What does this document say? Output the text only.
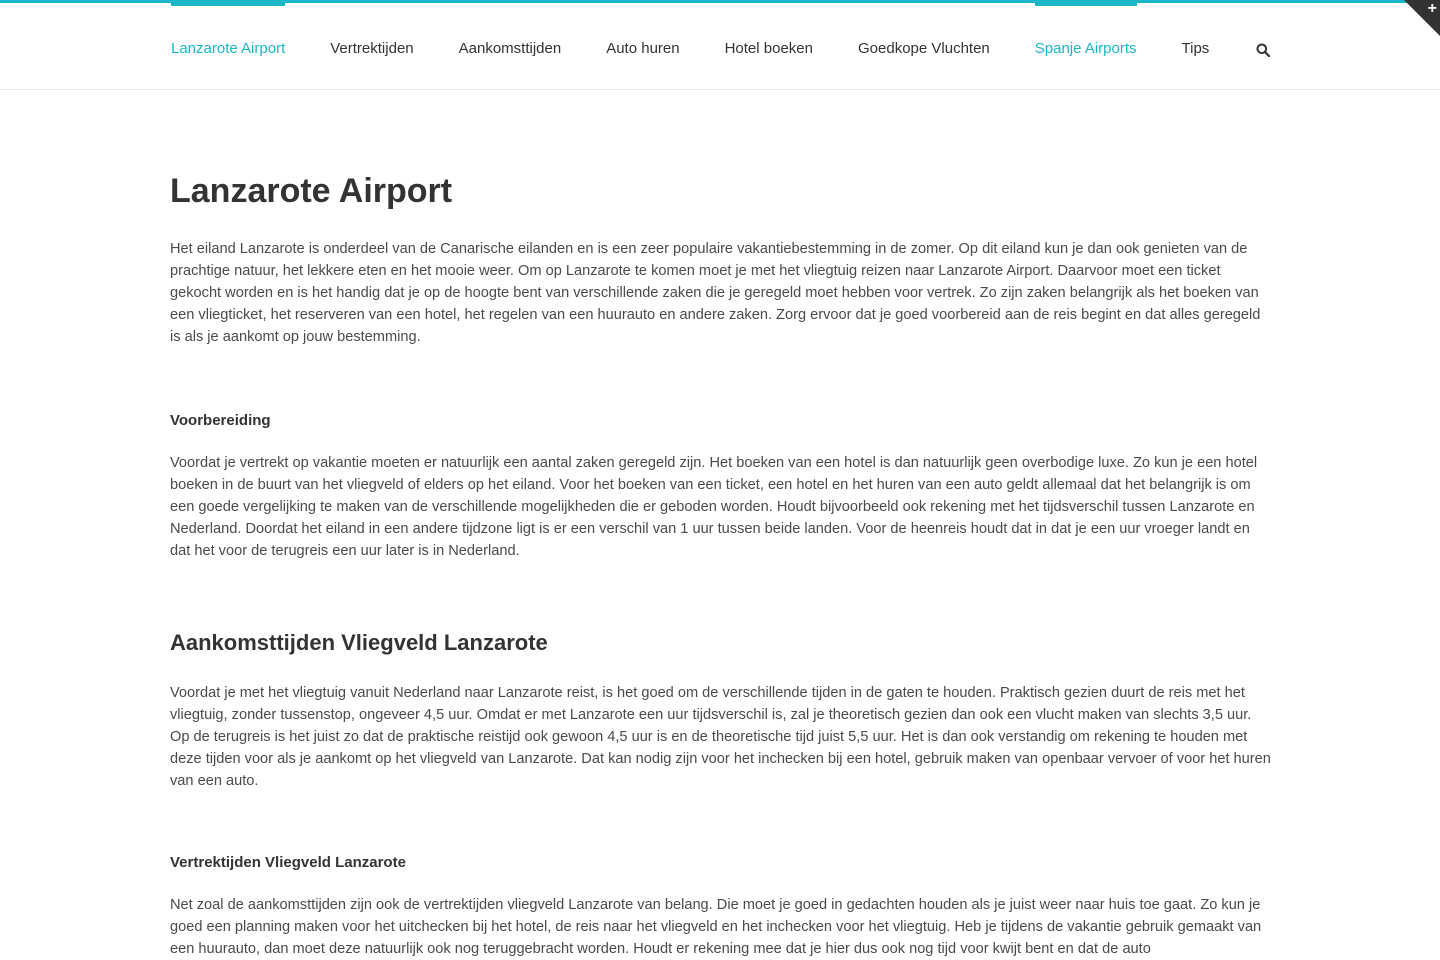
Lanzarote Airport	Vertrektijden	Aankomsttijden	Auto huren	Hotel boeken	Goedkope Vluchten	Spanje Airports	Tips
+
Lanzarote Airport

Het eiland Lanzarote is onderdeel van de Canarische eilanden en is een zeer populaire vakantiebestemming in de zomer. Op dit eiland kun je dan ook genieten van de prachtige natuur, het lekkere eten en het mooie weer. Om op Lanzarote te komen moet je met het vliegtuig reizen naar Lanzarote Airport. Daarvoor moet een ticket gekocht worden en is het handig dat je op de hoogte bent van verschillende zaken die je geregeld moet hebben voor vertrek. Zo zijn zaken belangrijk als het boeken van een vliegticket, het reserveren van een hotel, het regelen van een huurauto en andere zaken. Zorg ervoor dat je goed voorbereid aan de reis begint en dat alles geregeld is als je aankomt op jouw bestemming.

Voorbereiding

Voordat je vertrekt op vakantie moeten er natuurlijk een aantal zaken geregeld zijn. Het boeken van een hotel is dan natuurlijk geen overbodige luxe. Zo kun je een hotel boeken in de buurt van het vliegveld of elders op het eiland. Voor het boeken van een ticket, een hotel en het huren van een auto geldt allemaal dat het belangrijk is om een goede vergelijking te maken van de verschillende mogelijkheden die er geboden worden. Houdt bijvoorbeeld ook rekening met het tijdsverschil tussen Lanzarote en Nederland. Doordat het eiland in een andere tijdzone ligt is er een verschil van 1 uur tussen beide landen. Voor de heenreis houdt dat in dat je een uur vroeger landt en dat het voor de terugreis een uur later is in Nederland.

Aankomsttijden Vliegveld Lanzarote

Voordat je met het vliegtuig vanuit Nederland naar Lanzarote reist, is het goed om de verschillende tijden in de gaten te houden. Praktisch gezien duurt de reis met het vliegtuig, zonder tussenstop, ongeveer 4,5 uur. Omdat er met Lanzarote een uur tijdsverschil is, zal je theoretisch gezien dan ook een vlucht maken van slechts 3,5 uur. Op de terugreis is het juist zo dat de praktische reistijd ook gewoon 4,5 uur is en de theoretische tijd juist 5,5 uur. Het is dan ook verstandig om rekening te houden met deze tijden voor als je aankomt op het vliegveld van Lanzarote. Dat kan nodig zijn voor het inchecken bij een hotel, gebruik maken van openbaar vervoer of voor het huren van een auto.

Vertrektijden Vliegveld Lanzarote

Net zoal de aankomsttijden zijn ook de vertrektijden vliegveld Lanzarote van belang. Die moet je goed in gedachten houden als je juist weer naar huis toe gaat. Zo kun je goed een planning maken voor het uitchecken bij het hotel, de reis naar het vliegveld en het inchecken voor het vliegtuig. Heb je tijdens de vakantie gebruik gemaakt van een huurauto, dan moet deze natuurlijk ook nog teruggebracht worden. Houdt er rekening mee dat je hier dus ook nog tijd voor kwijt bent en dat de auto
